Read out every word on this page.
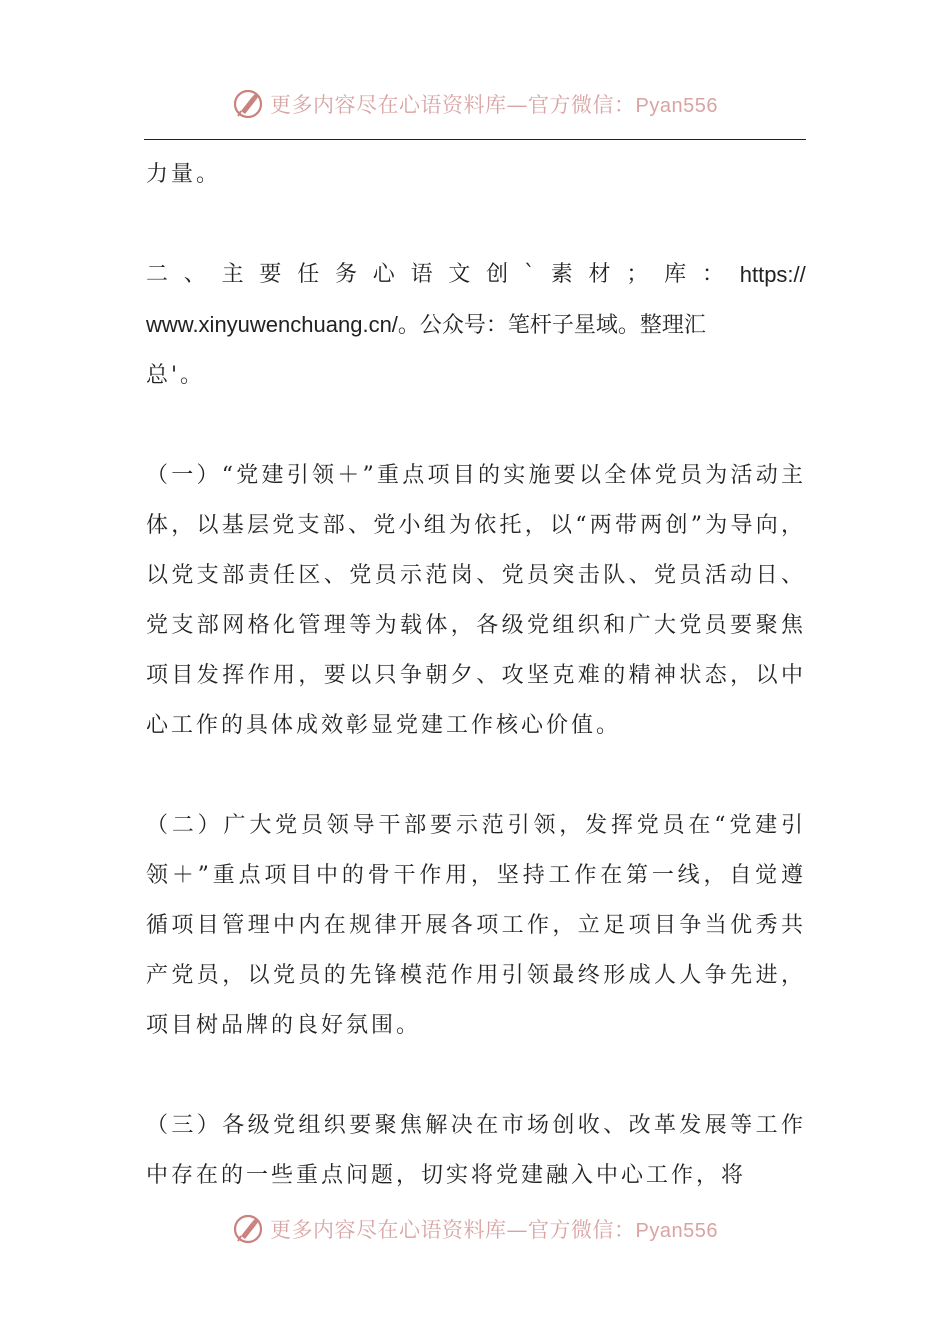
更多内容尽在心语资料库—官方微信：Pyan556

力量。

二 、 主 要 任 务 心 语 文 创 ` 素 材 ； 库 ： https://
www.xinyuwenchuang.cn/。公众号：笔杆子星域。整理汇
总'。

（一）“党建引领＋”重点项目的实施要以全体党员为活动主体，以基层党支部、党小组为依托，以“两带两创”为导向，以党支部责任区、党员示范岗、党员突击队、党员活动日、党支部网格化管理等为载体，各级党组织和广大党员要聚焦项目发挥作用，要以只争朝夕、攻坚克难的精神状态，以中心工作的具体成效彰显党建工作核心价值。

（二）广大党员领导干部要示范引领，发挥党员在“党建引领＋”重点项目中的骨干作用，坚持工作在第一线，自觉遵循项目管理中内在规律开展各项工作，立足项目争当优秀共产党员，以党员的先锋模范作用引领最终形成人人争先进，项目树品牌的良好氛围。

（三）各级党组织要聚焦解决在市场创收、改革发展等工作中存在的一些重点问题，切实将党建融入中心工作，将

更多内容尽在心语资料库—官方微信：Pyan556
